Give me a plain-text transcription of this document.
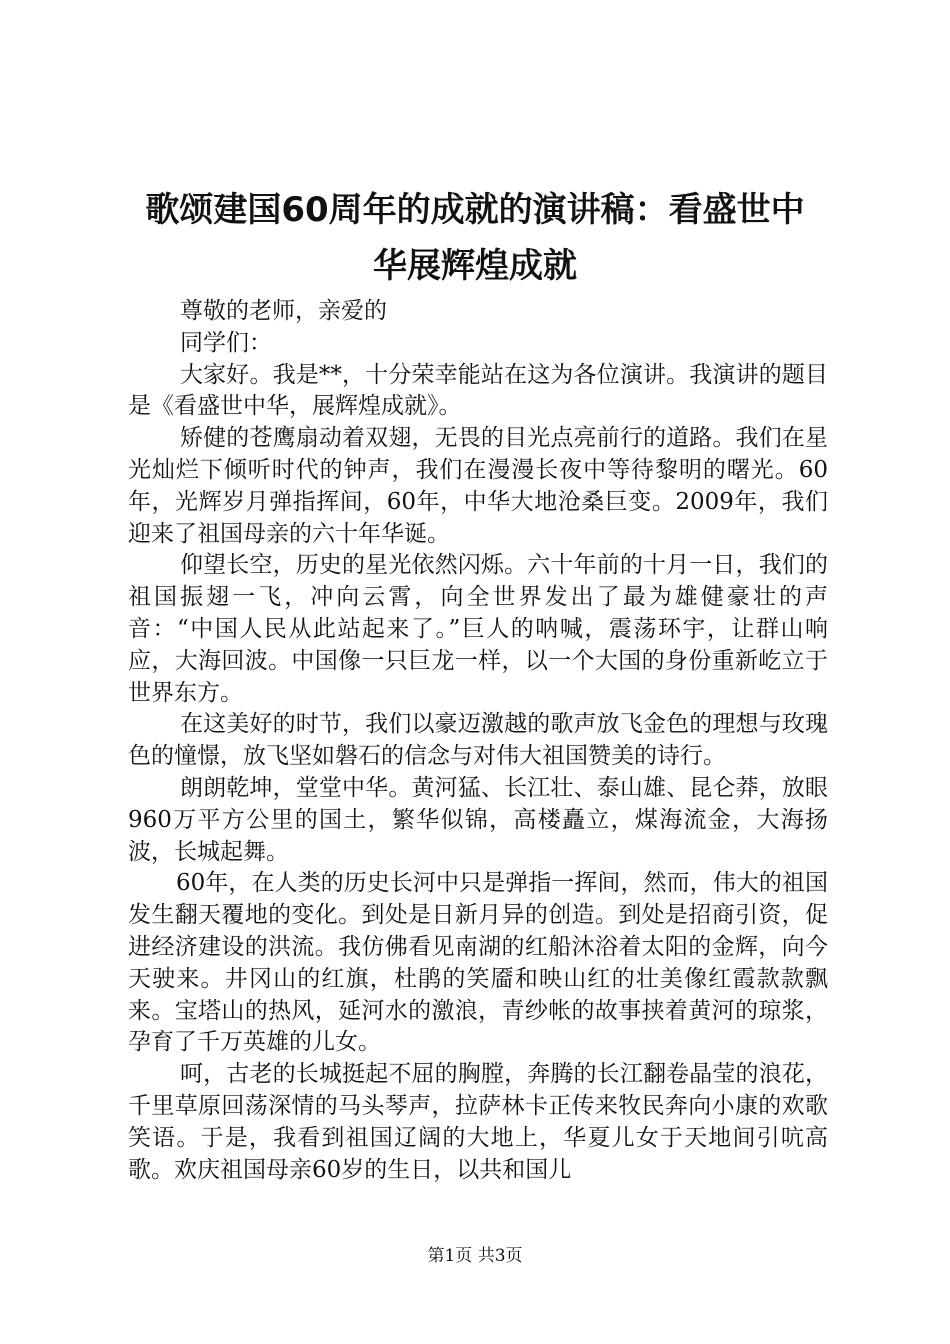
歌颂建国60周年的成就的演讲稿：看盛世中
华展辉煌成就

尊敬的老师，亲爱的

同学们：

大家好。我是**，十分荣幸能站在这为各位演讲。我演讲的题目是《看盛世中华，展辉煌成就》。

矫健的苍鹰扇动着双翅，无畏的目光点亮前行的道路。我们在星光灿烂下倾听时代的钟声，我们在漫漫长夜中等待黎明的曙光。60年，光辉岁月弹指挥间，60年，中华大地沧桑巨变。2009年，我们迎来了祖国母亲的六十年华诞。

仰望长空，历史的星光依然闪烁。六十年前的十月一日，我们的祖国振翅一飞，冲向云霄，向全世界发出了最为雄健豪壮的声音：“中国人民从此站起来了。”巨人的呐喊，震荡环宇，让群山响应，大海回波。中国像一只巨龙一样，以一个大国的身份重新屹立于世界东方。

在这美好的时节，我们以豪迈激越的歌声放飞金色的理想与玫瑰色的憧憬，放飞坚如磐石的信念与对伟大祖国赞美的诗行。

朗朗乾坤，堂堂中华。黄河猛、长江壮、泰山雄、昆仑莽，放眼960万平方公里的国土，繁华似锦，高楼矗立，煤海流金，大海扬波，长城起舞。

60年，在人类的历史长河中只是弹指一挥间，然而，伟大的祖国发生翻天覆地的变化。到处是日新月异的创造。到处是招商引资，促进经济建设的洪流。我仿佛看见南湖的红船沐浴着太阳的金辉，向今天驶来。井冈山的红旗，杜鹃的笑靥和映山红的壮美像红霞款款飘来。宝塔山的热风，延河水的激浪，青纱帐的故事挟着黄河的琼浆，孕育了千万英雄的儿女。

呵，古老的长城挺起不屈的胸膛，奔腾的长江翻卷晶莹的浪花，千里草原回荡深情的马头琴声，拉萨林卡正传来牧民奔向小康的欢歌笑语。于是，我看到祖国辽阔的大地上，华夏儿女于天地间引吭高歌。欢庆祖国母亲60岁的生日，以共和国儿

第1页 共3页
